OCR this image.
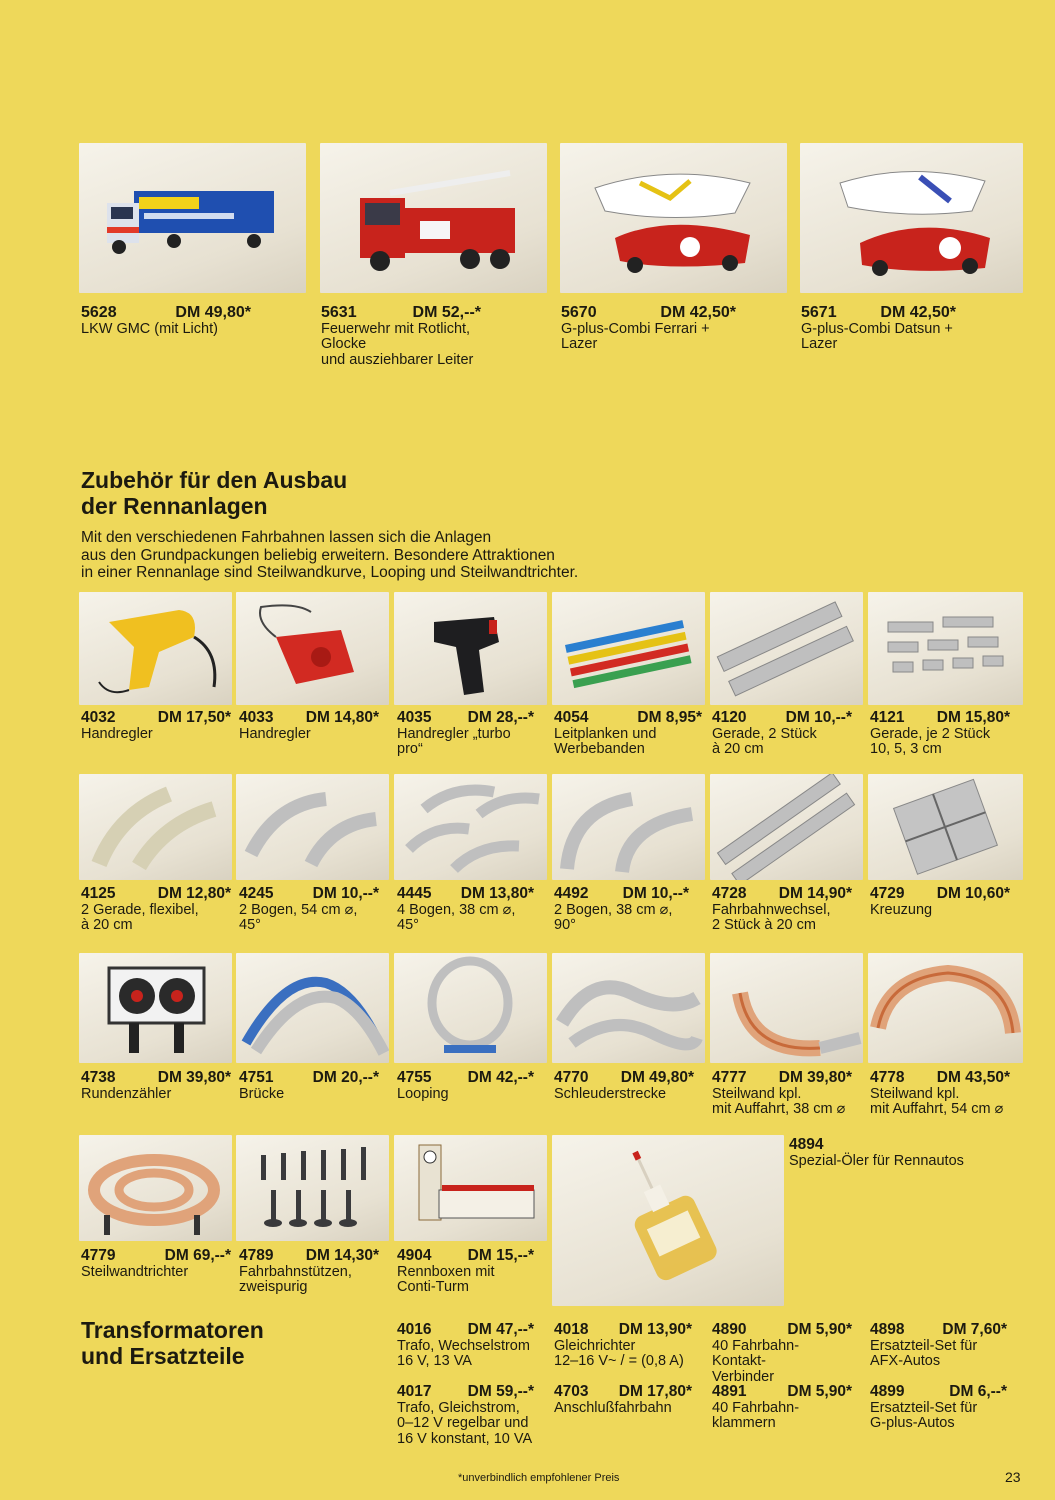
5628	DM 49,80*
LKW GMC (mit Licht)
5631	DM 52,--*
Feuerwehr mit Rotlicht, Glocke
und ausziehbarer Leiter
5670	DM 42,50*
G-plus-Combi Ferrari + Lazer
5671	DM 42,50*
G-plus-Combi Datsun + Lazer
Zubehör für den Ausbau
der Rennanlagen
Mit den verschiedenen Fahrbahnen lassen sich die Anlagen
aus den Grundpackungen beliebig erweitern. Besondere Attraktionen
in einer Rennanlage sind Steilwandkurve, Looping und Steilwandtrichter.
4032	DM 17,50*
Handregler
4033 DM 14,80*
Handregler
4035 DM 28,--*
Handregler „turbo pro“
4054	DM 8,95*
Leitplanken und
Werbebanden
4120	DM 10,--*
Gerade, 2 Stück
à 20 cm
4121 DM 15,80*
Gerade, je 2 Stück
10, 5, 3 cm
4125	DM 12,80*
2 Gerade, flexibel,
à 20 cm
4245	DM 10,--*
2 Bogen, 54 cm ⌀, 45°
4445 DM 13,80*
4 Bogen, 38 cm ⌀, 45°
4492 DM 10,--*
2 Bogen, 38 cm ⌀, 90°
4728 DM 14,90*
Fahrbahnwechsel,
2 Stück à 20 cm
4729 DM 10,60*
Kreuzung
4738	DM 39,80*
Rundenzähler
4751	DM 20,--*
Brücke
4755 DM 42,--*
Looping
4770 DM 49,80*
Schleuderstrecke
4777 DM 39,80*
Steilwand kpl.
mit Auffahrt, 38 cm ⌀
4778 DM 43,50*
Steilwand kpl.
mit Auffahrt, 54 cm ⌀
4779	DM 69,--*
Steilwandtrichter
4789 DM 14,30*
Fahrbahnstützen,
zweispurig
4904 DM 15,--*
Rennboxen mit
Conti-Turm
4894
Spezial-Öler für Rennautos
Transformatoren
und Ersatzteile
4016 DM 47,--*
Trafo, Wechselstrom
16 V, 13 VA
4018 DM 13,90*
Gleichrichter
12–16 V~ / = (0,8 A)
4890	DM 5,90*
40 Fahrbahn-Kontakt-
Verbinder
4898 DM 7,60*
Ersatzteil-Set für
AFX-Autos
4017 DM 59,--*
Trafo, Gleichstrom,
0–12 V regelbar und
16 V konstant, 10 VA
4703 DM 17,80*
Anschlußfahrbahn
4891	DM 5,90*
40 Fahrbahn-
klammern
4899	DM 6,--*
Ersatzteil-Set für
G-plus-Autos
*unverbindlich empfohlener Preis	23
